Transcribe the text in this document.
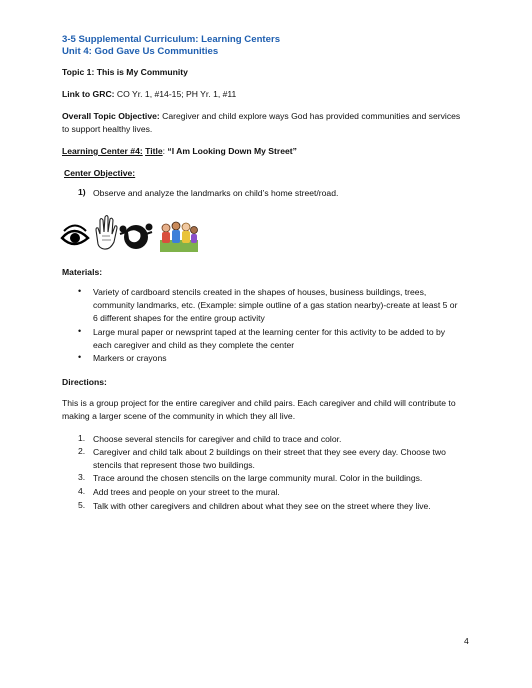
3-5 Supplemental Curriculum: Learning Centers
Unit 4: God Gave Us Communities
Topic 1: This is My Community
Link to GRC: CO Yr. 1, #14-15; PH Yr. 1, #11
Overall Topic Objective: Caregiver and child explore ways God has provided communities and services
to support healthy lives.
Learning Center #4: Title: “I Am Looking Down My Street”
Center Objective:
1) Observe and analyze the landmarks on child’s home street/road.
Materials:
• Variety of cardboard stencils created in the shapes of houses, business buildings, trees,
community landmarks, etc. (Example: simple outline of a gas station nearby)-create at least 5 or
6 different shapes for the entire group activity
• Large mural paper or newsprint taped at the learning center for this activity to be added to by
each caregiver and child as they complete the center
• Markers or crayons
Directions:
This is a group project for the entire caregiver and child pairs. Each caregiver and child will contribute to
making a larger scene of the community in which they all live.
1. Choose several stencils for caregiver and child to trace and color.
2. Caregiver and child talk about 2 buildings on their street that they see every day. Choose two
stencils that represent those two buildings.
3. Trace around the chosen stencils on the large community mural. Color in the buildings.
4. Add trees and people on your street to the mural.
5. Talk with other caregivers and children about what they see on the street where they live.
4
